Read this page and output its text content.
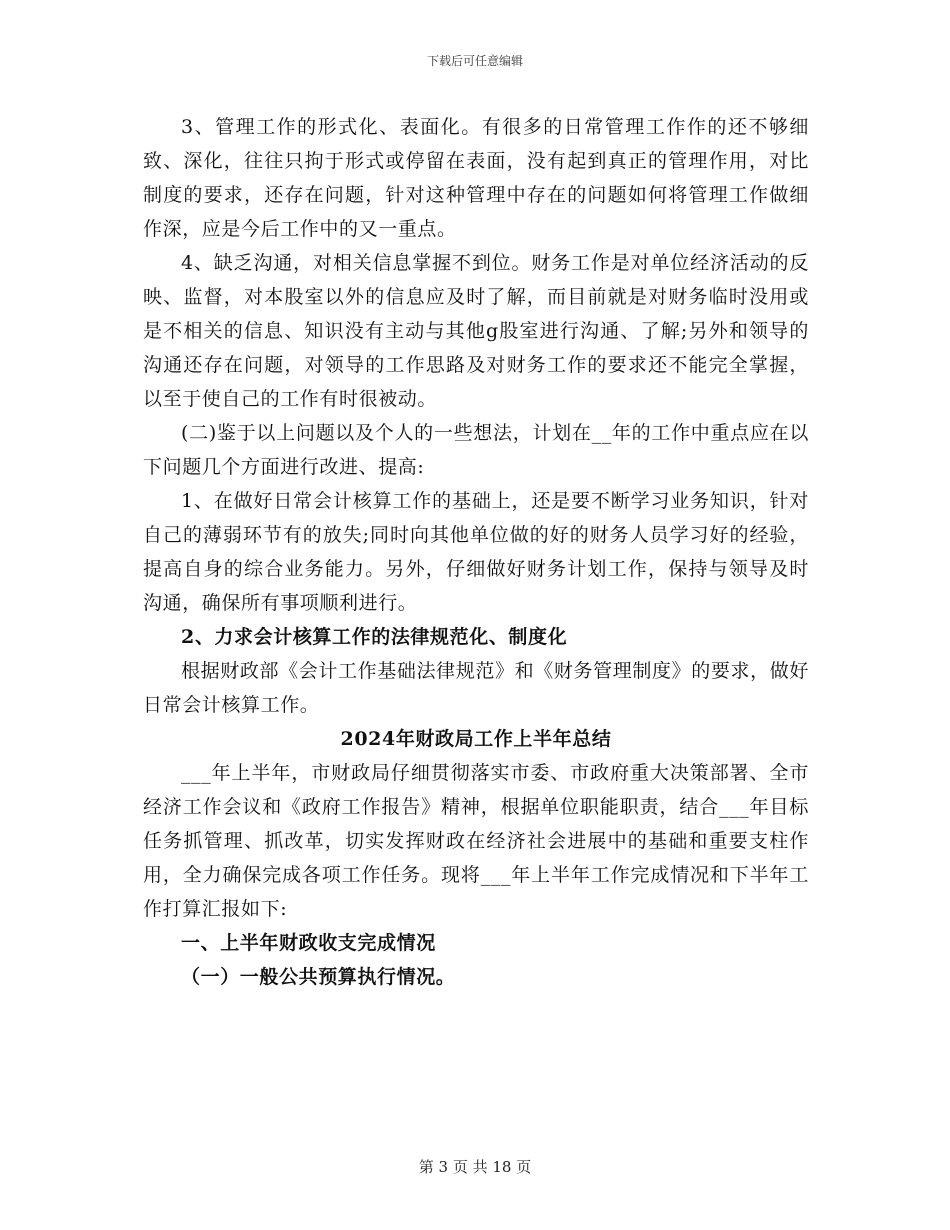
下载后可任意编辑

3、管理工作的形式化、表面化。有很多的日常管理工作作的还不够细致、深化，往往只拘于形式或停留在表面，没有起到真正的管理作用，对比制度的要求，还存在问题，针对这种管理中存在的问题如何将管理工作做细作深，应是今后工作中的又一重点。

4、缺乏沟通，对相关信息掌握不到位。财务工作是对单位经济活动的反映、监督，对本股室以外的信息应及时了解，而目前就是对财务临时没用或是不相关的信息、知识没有主动与其他g股室进行沟通、了解;另外和领导的沟通还存在问题，对领导的工作思路及对财务工作的要求还不能完全掌握，以至于使自己的工作有时很被动。

(二)鉴于以上问题以及个人的一些想法，计划在__年的工作中重点应在以下问题几个方面进行改进、提高:

1、在做好日常会计核算工作的基础上，还是要不断学习业务知识，针对自己的薄弱环节有的放失;同时向其他单位做的好的财务人员学习好的经验，提高自身的综合业务能力。另外，仔细做好财务计划工作，保持与领导及时沟通，确保所有事项顺利进行。

2、力求会计核算工作的法律规范化、制度化

根据财政部《会计工作基础法律规范》和《财务管理制度》的要求，做好日常会计核算工作。

2024年财政局工作上半年总结

___年上半年，市财政局仔细贯彻落实市委、市政府重大决策部署、全市经济工作会议和《政府工作报告》精神，根据单位职能职责，结合___年目标任务抓管理、抓改革，切实发挥财政在经济社会进展中的基础和重要支柱作用，全力确保完成各项工作任务。现将___年上半年工作完成情况和下半年工作打算汇报如下:

一、上半年财政收支完成情况

（一）一般公共预算执行情况。

第 3 页 共 18 页
